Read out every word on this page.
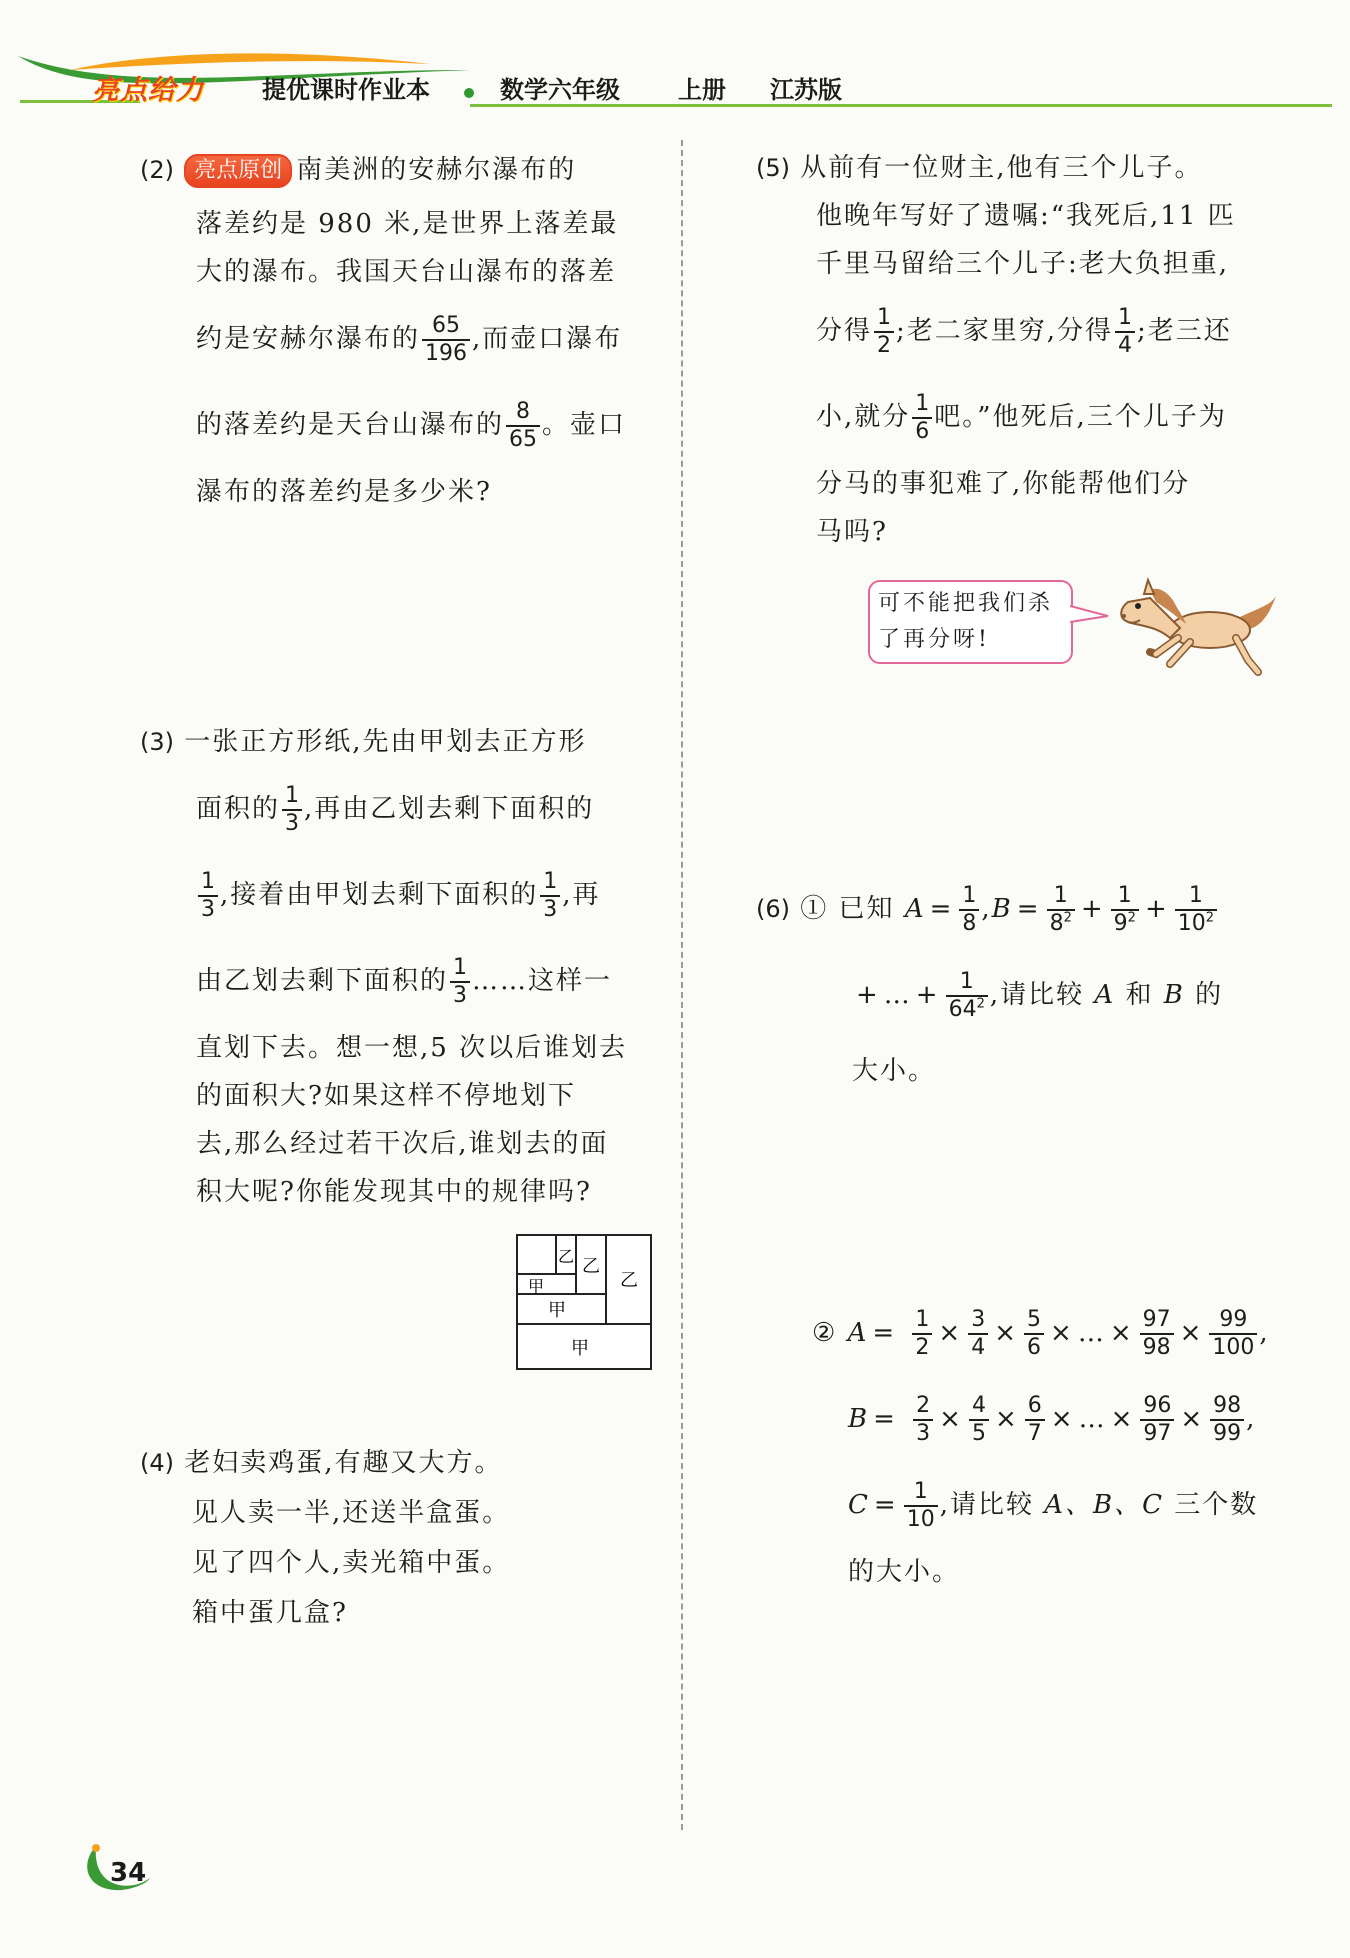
亮点给力 提优课时作业本	数学六年级 上册 江苏版
(2) 亮点原创 南美洲的安赫尔瀑布的
落差约是 980 米,是世界上落差最
大的瀑布。我国天台山瀑布的落差
约是安赫尔瀑布的 $\frac{65}{196}$ ,而壶口瀑布
的落差约是天台山瀑布的 $\frac{8}{65}$ 。壶口
瀑布的落差约是多少米?
(3) 一张正方形纸,先由甲划去正方形
面积的 $\frac{1}{3}$ ,再由乙划去剩下面积的
$\frac{1}{3}$ ,接着由甲划去剩下面积的 $\frac{1}{3}$ ,再
由乙划去剩下面积的 $\frac{1}{3}$ ……这样一
直划下去。想一想,5 次以后谁划去
的面积大?如果这样不停地划下
去,那么经过若干次后,谁划去的面
积大呢?你能发现其中的规律吗?
甲
甲
甲	乙
乙
乙
(4) 老妇卖鸡蛋,有趣又大方。
见人卖一半,还送半盒蛋。
见了四个人,卖光箱中蛋。
箱中蛋几盒?
(5) 从前有一位财主,他有三个儿子。
他晚年写好了遗嘱:“我死后,11 匹
千里马留给三个儿子:老大负担重,
分得 $\frac{1}{2}$ ;老二家里穷,分得 $\frac{1}{4}$ ;老三还
小,就分 $\frac{1}{6}$ 吧。”他死后,三个儿子为
分马的事犯难了,你能帮他们分
马吗?
可不能把我们杀
了再分呀!
(6) ① 已知 $A = \frac{1}{8} ,B = \frac{1}{8^2} + \frac{1}{9^2} + \frac{1}{10^2}$
+ … + $\frac{1}{64^2}$ ,请比较 A 和 B 的
大小。
② $A = \frac{1}{2} \times \frac{3}{4} \times \frac{5}{6}$ × … × $\frac{97}{98} \times \frac{99}{100}$ ,
$B = \frac{2}{3} \times \frac{4}{5} \times \frac{6}{7}$ × … × $\frac{96}{97} \times \frac{98}{99}$ ,
$C = \frac{1}{10}$ ,请比较 A、B、C 三个数
的大小。
34
